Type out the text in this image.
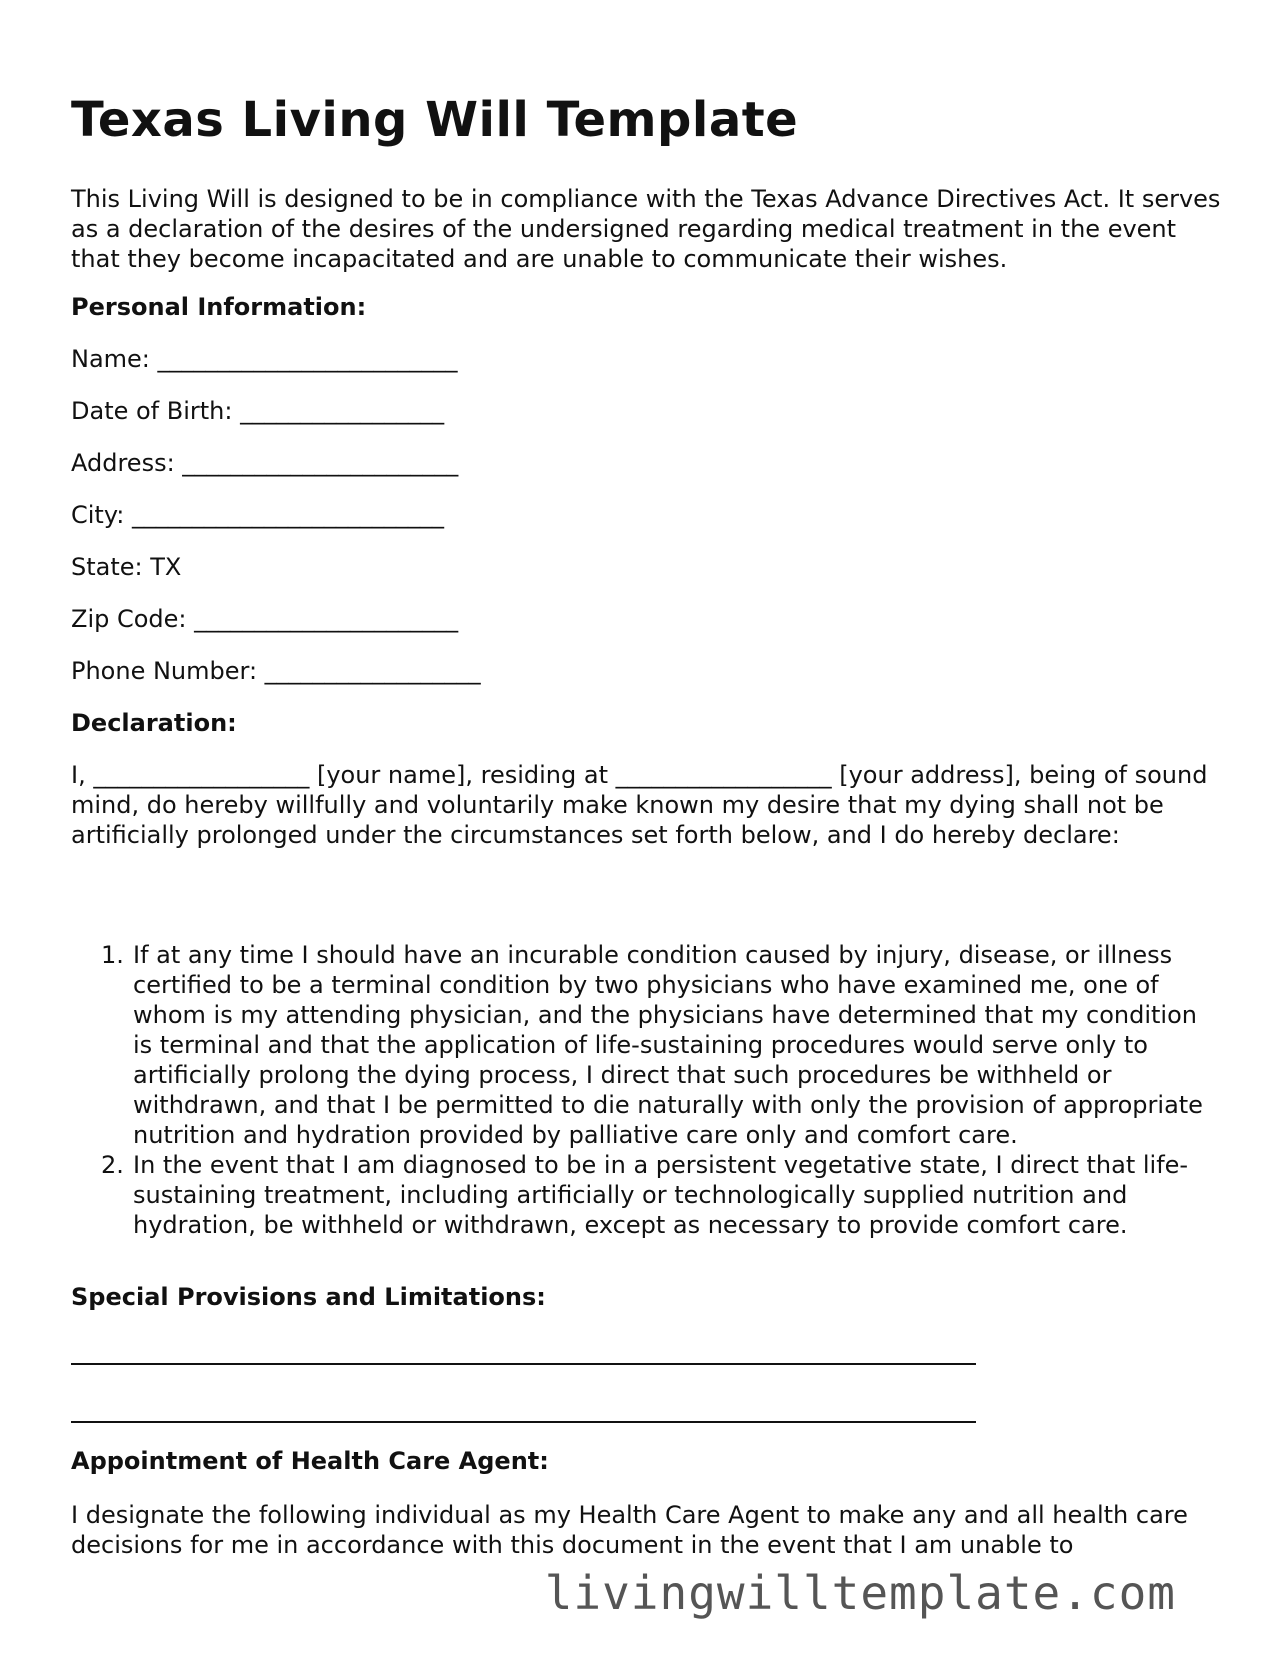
Texas Living Will Template

This Living Will is designed to be in compliance with the Texas Advance Directives Act. It serves as a declaration of the desires of the undersigned regarding medical treatment in the event that they become incapacitated and are unable to communicate their wishes.

Personal Information:

Name: _________________________

Date of Birth: _________________

Address: _______________________

City: __________________________

State: TX

Zip Code: ______________________

Phone Number: __________________

Declaration:

I, __________________ [your name], residing at __________________ [your address], being of sound mind, do hereby willfully and voluntarily make known my desire that my dying shall not be artificially prolonged under the circumstances set forth below, and I do hereby declare:

1. If at any time I should have an incurable condition caused by injury, disease, or illness certified to be a terminal condition by two physicians who have examined me, one of whom is my attending physician, and the physicians have determined that my condition is terminal and that the application of life-sustaining procedures would serve only to artificially prolong the dying process, I direct that such procedures be withheld or withdrawn, and that I be permitted to die naturally with only the provision of appropriate nutrition and hydration provided by palliative care only and comfort care.
2. In the event that I am diagnosed to be in a persistent vegetative state, I direct that life-sustaining treatment, including artificially or technologically supplied nutrition and hydration, be withheld or withdrawn, except as necessary to provide comfort care.

Special Provisions and Limitations:

Appointment of Health Care Agent:

I designate the following individual as my Health Care Agent to make any and all health care decisions for me in accordance with this document in the event that I am unable to

livingwilltemplate.com
